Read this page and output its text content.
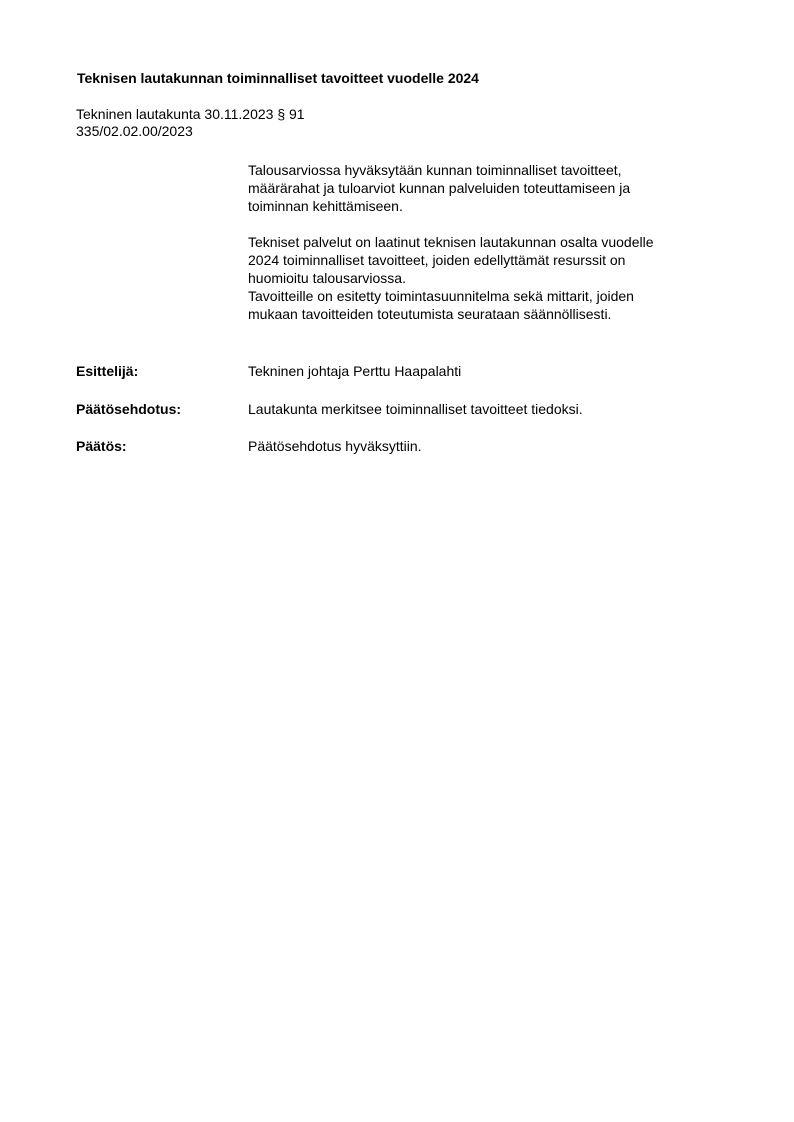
Teknisen lautakunnan toiminnalliset tavoitteet vuodelle 2024
Tekninen lautakunta 30.11.2023 § 91
335/02.02.00/2023
Talousarviossa hyväksytään kunnan toiminnalliset tavoitteet,
määrärahat ja tuloarviot kunnan palveluiden toteuttamiseen ja
toiminnan kehittämiseen.
Tekniset palvelut on laatinut teknisen lautakunnan osalta vuodelle
2024 toiminnalliset tavoitteet, joiden edellyttämät resurssit on
huomioitu talousarviossa.
Tavoitteille on esitetty toimintasuunnitelma sekä mittarit, joiden
mukaan tavoitteiden toteutumista seurataan säännöllisesti.
Esittelijä:	Tekninen johtaja Perttu Haapalahti
Päätösehdotus:	Lautakunta merkitsee toiminnalliset tavoitteet tiedoksi.
Päätös:	Päätösehdotus hyväksyttiin.
